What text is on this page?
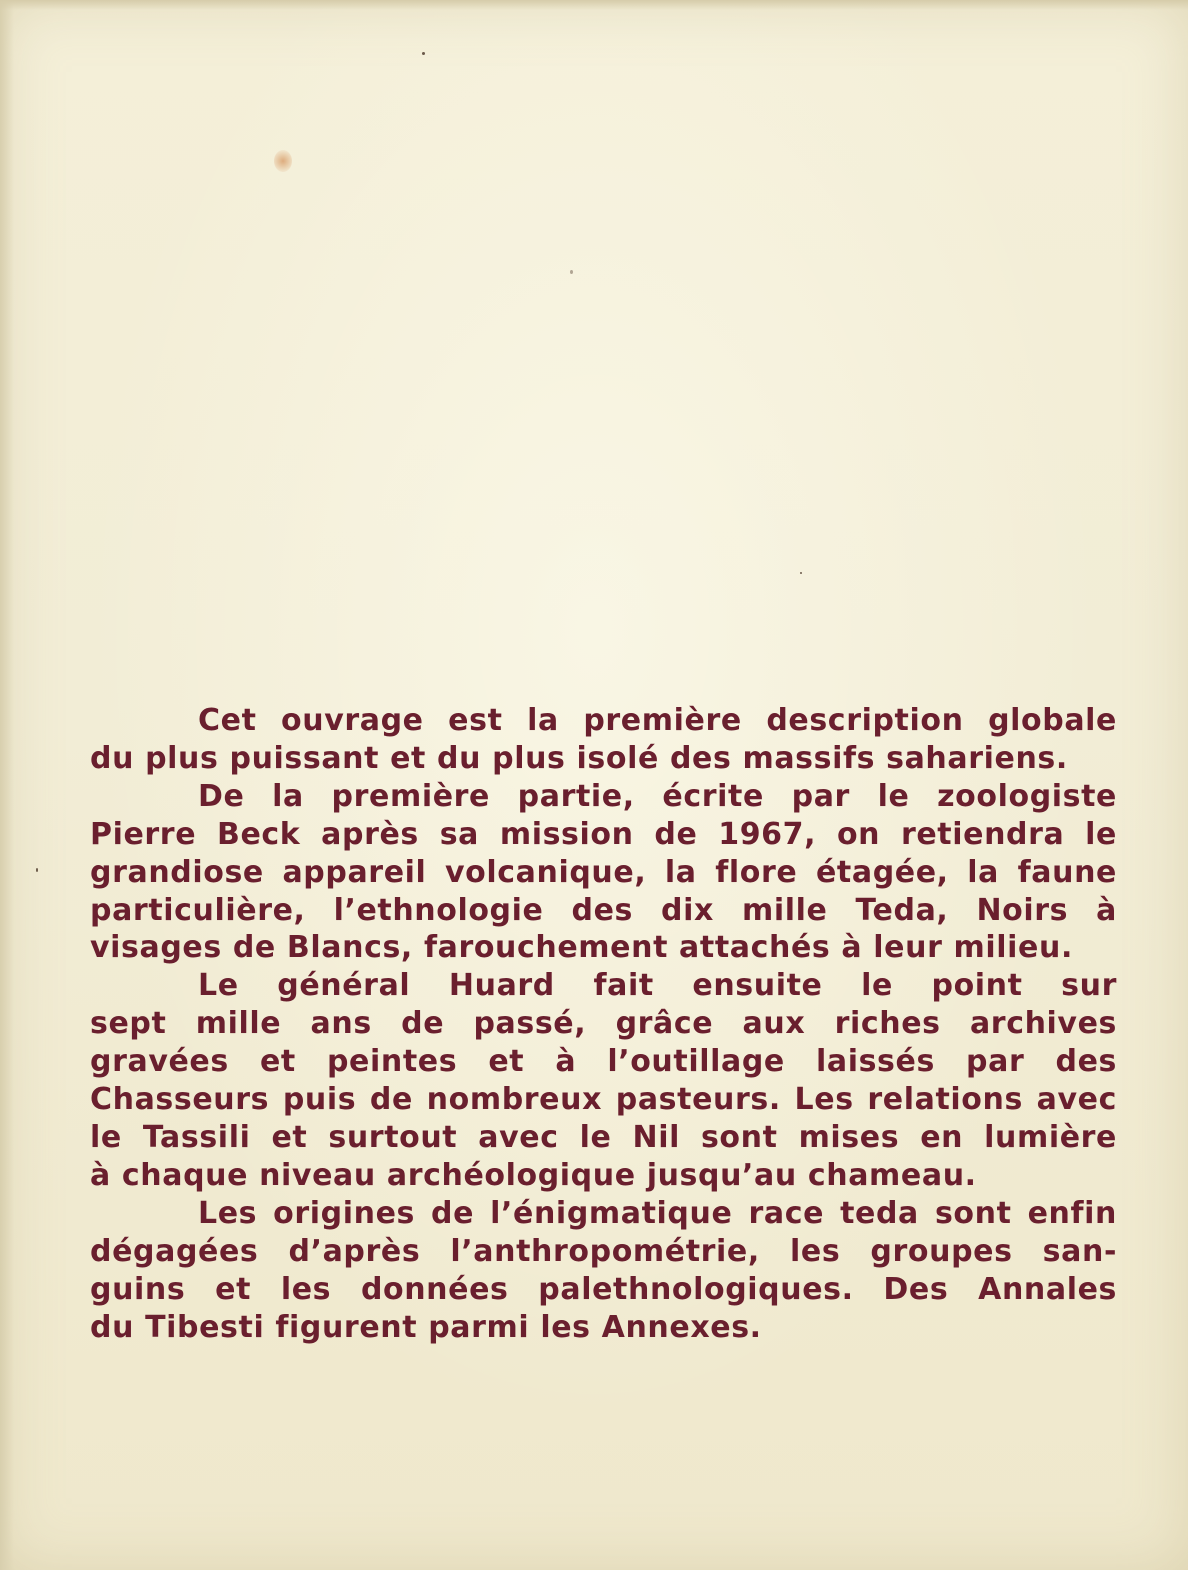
Cet ouvrage est la première description globale
du plus puissant et du plus isolé des massifs sahariens.
De la première partie, écrite par le zoologiste
Pierre Beck après sa mission de 1967, on retiendra le
grandiose appareil volcanique, la flore étagée, la faune
particulière, l’ethnologie des dix mille Teda, Noirs à
visages de Blancs, farouchement attachés à leur milieu.
Le général Huard fait ensuite le point sur
sept mille ans de passé, grâce aux riches archives
gravées et peintes et à l’outillage laissés par des
Chasseurs puis de nombreux pasteurs. Les relations avec
le Tassili et surtout avec le Nil sont mises en lumière
à chaque niveau archéologique jusqu’au chameau.
Les origines de l’énigmatique race teda sont enfin
dégagées d’après l’anthropométrie, les groupes san-
guins et les données palethnologiques. Des Annales
du Tibesti figurent parmi les Annexes.
